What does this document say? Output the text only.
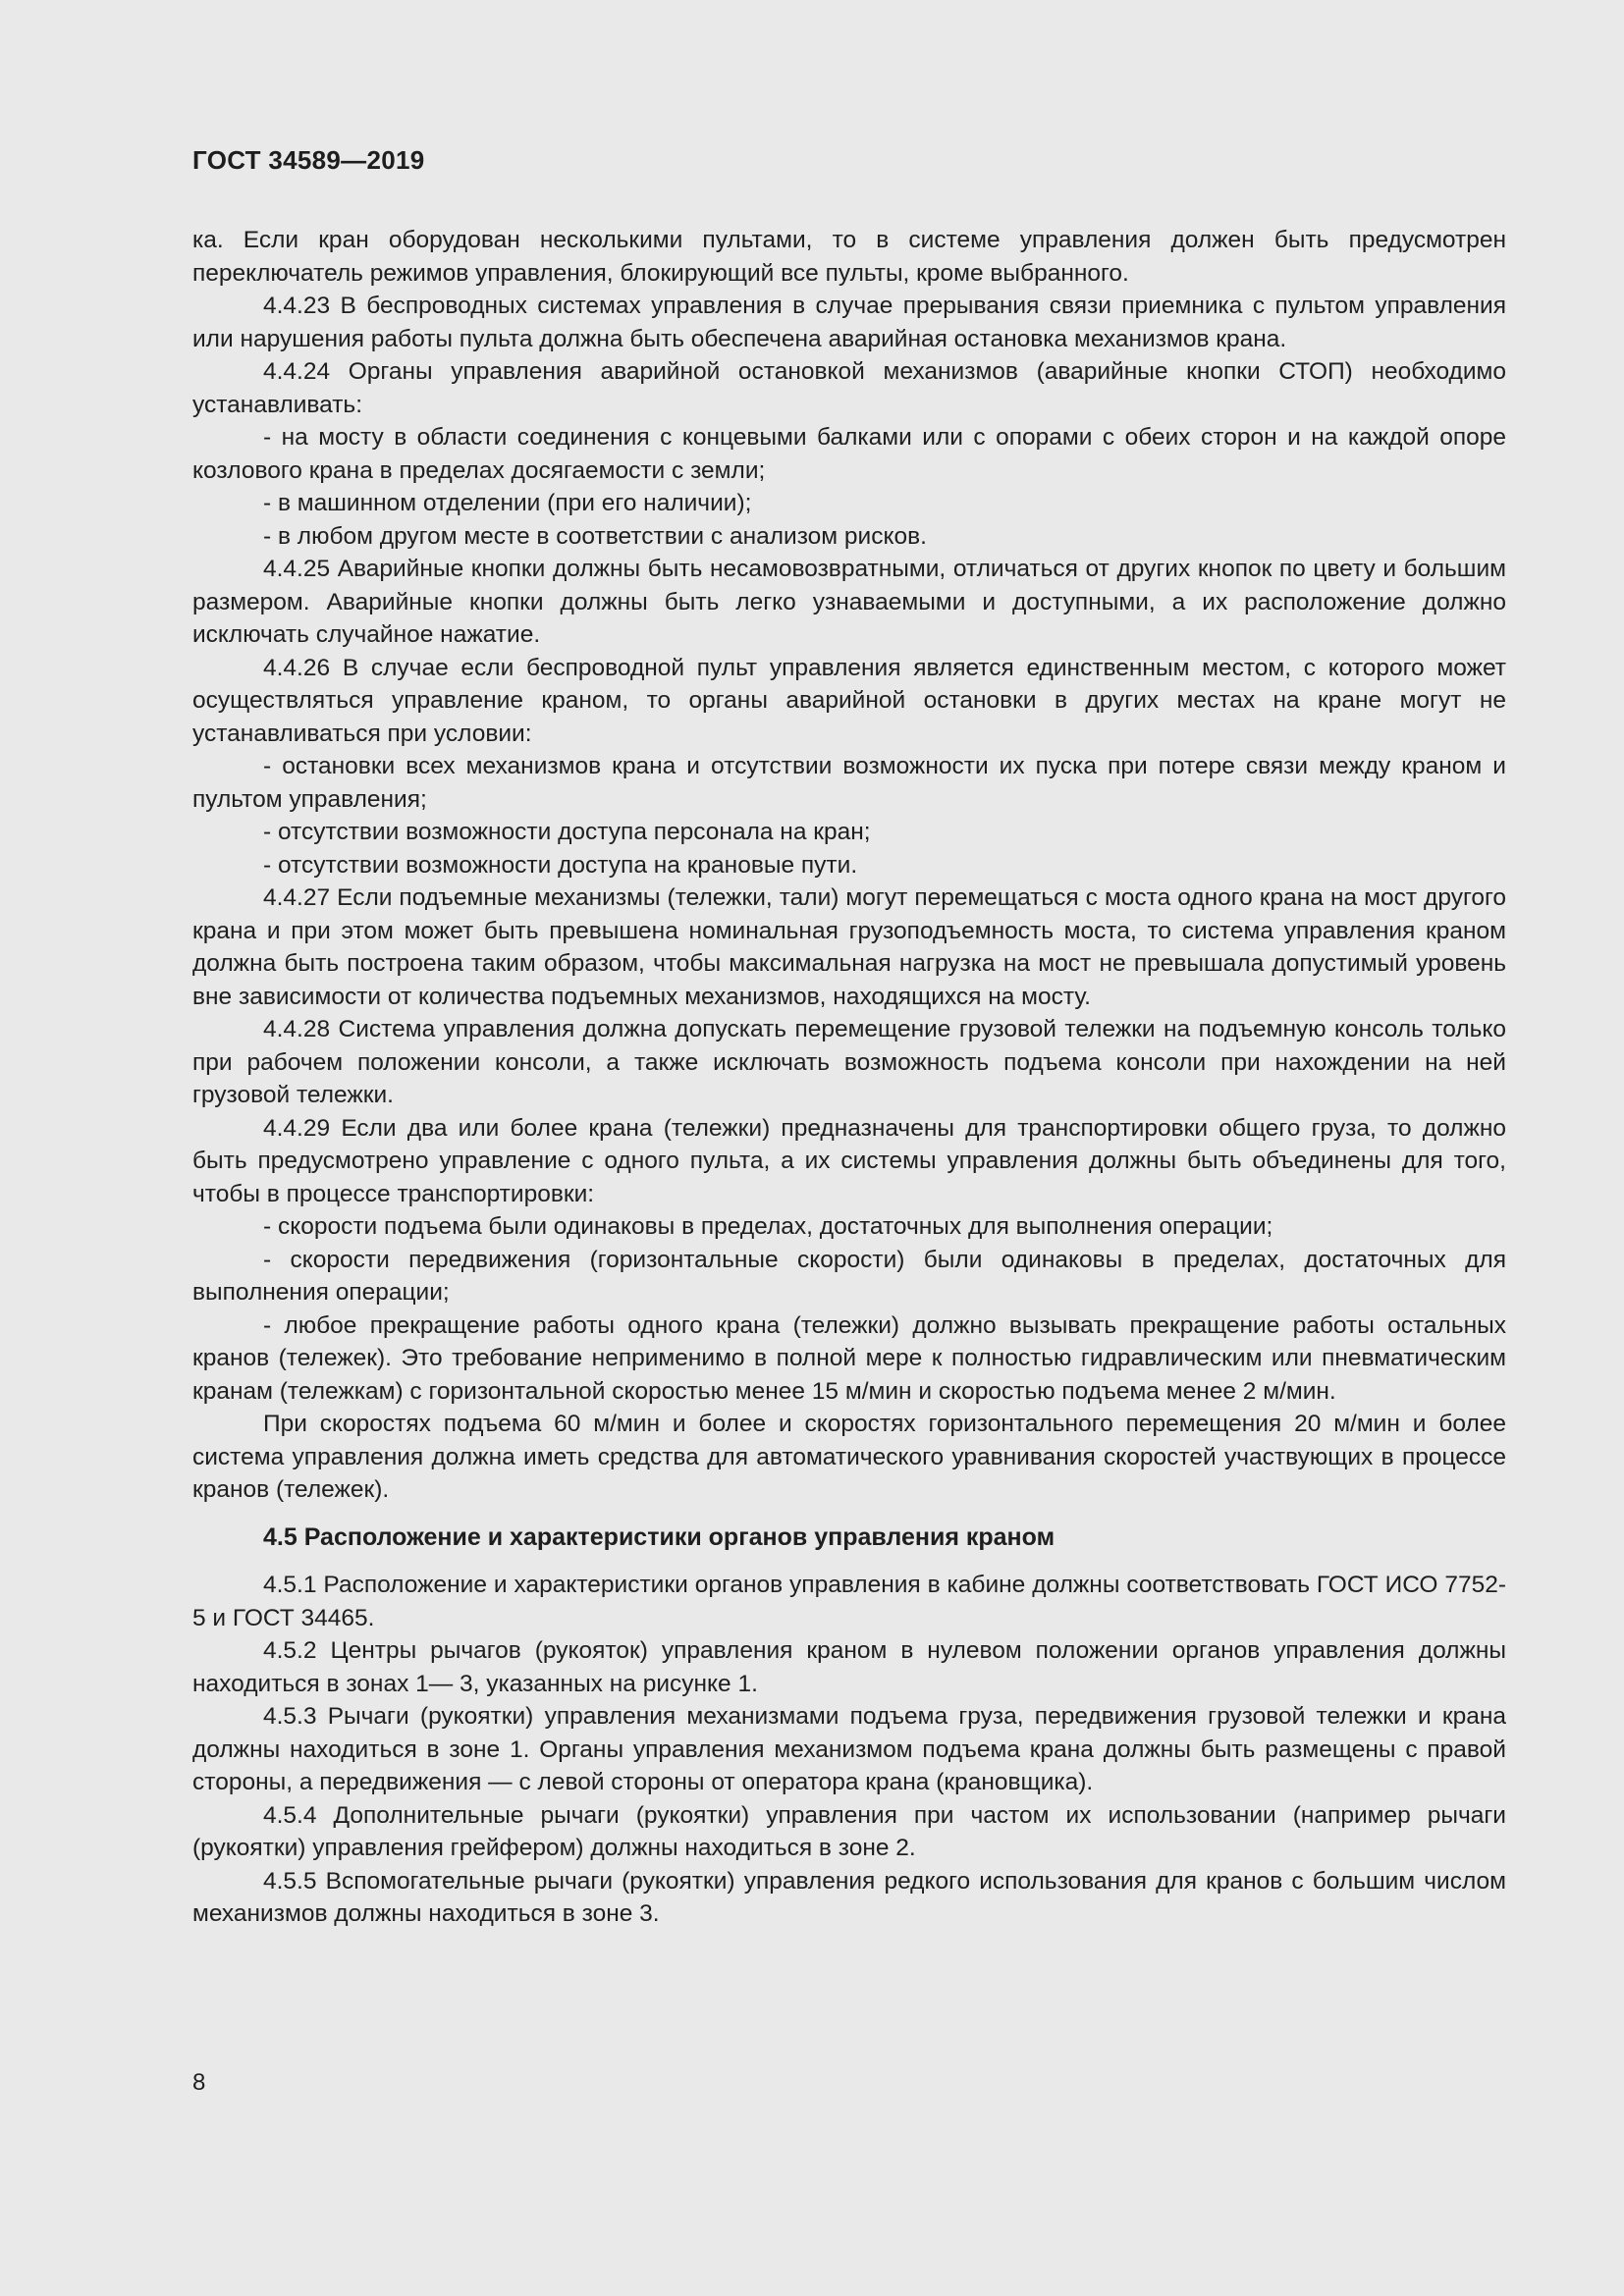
ГОСТ 34589—2019

ка. Если кран оборудован несколькими пультами, то в системе управления должен быть предусмотрен переключатель режимов управления, блокирующий все пульты, кроме выбранного.

4.4.23 В беспроводных системах управления в случае прерывания связи приемника с пультом управления или нарушения работы пульта должна быть обеспечена аварийная остановка механизмов крана.

4.4.24 Органы управления аварийной остановкой механизмов (аварийные кнопки СТОП) необходимо устанавливать:

- на мосту в области соединения с концевыми балками или с опорами с обеих сторон и на каждой опоре козлового крана в пределах досягаемости с земли;

- в машинном отделении (при его наличии);

- в любом другом месте в соответствии с анализом рисков.

4.4.25 Аварийные кнопки должны быть несамовозвратными, отличаться от других кнопок по цвету и большим размером. Аварийные кнопки должны быть легко узнаваемыми и доступными, а их расположение должно исключать случайное нажатие.

4.4.26 В случае если беспроводной пульт управления является единственным местом, с которого может осуществляться управление краном, то органы аварийной остановки в других местах на кране могут не устанавливаться при условии:

- остановки всех механизмов крана и отсутствии возможности их пуска при потере связи между краном и пультом управления;

- отсутствии возможности доступа персонала на кран;

- отсутствии возможности доступа на крановые пути.

4.4.27 Если подъемные механизмы (тележки, тали) могут перемещаться с моста одного крана на мост другого крана и при этом может быть превышена номинальная грузоподъемность моста, то система управления краном должна быть построена таким образом, чтобы максимальная нагрузка на мост не превышала допустимый уровень вне зависимости от количества подъемных механизмов, находящихся на мосту.

4.4.28 Система управления должна допускать перемещение грузовой тележки на подъемную консоль только при рабочем положении консоли, а также исключать возможность подъема консоли при нахождении на ней грузовой тележки.

4.4.29 Если два или более крана (тележки) предназначены для транспортировки общего груза, то должно быть предусмотрено управление с одного пульта, а их системы управления должны быть объединены для того, чтобы в процессе транспортировки:

- скорости подъема были одинаковы в пределах, достаточных для выполнения операции;

- скорости передвижения (горизонтальные скорости) были одинаковы в пределах, достаточных для выполнения операции;

- любое прекращение работы одного крана (тележки) должно вызывать прекращение работы остальных кранов (тележек). Это требование неприменимо в полной мере к полностью гидравлическим или пневматическим кранам (тележкам) с горизонтальной скоростью менее 15 м/мин и скоростью подъема менее 2 м/мин.

При скоростях подъема 60 м/мин и более и скоростях горизонтального перемещения 20 м/мин и более система управления должна иметь средства для автоматического уравнивания скоростей участвующих в процессе кранов (тележек).

4.5 Расположение и характеристики органов управления краном

4.5.1 Расположение и характеристики органов управления в кабине должны соответствовать ГОСТ ИСО 7752-5 и ГОСТ 34465.

4.5.2 Центры рычагов (рукояток) управления краном в нулевом положении органов управления должны находиться в зонах 1— 3, указанных на рисунке 1.

4.5.3 Рычаги (рукоятки) управления механизмами подъема груза, передвижения грузовой тележки и крана должны находиться в зоне 1. Органы управления механизмом подъема крана должны быть размещены с правой стороны, а передвижения — с левой стороны от оператора крана (крановщика).

4.5.4 Дополнительные рычаги (рукоятки) управления при частом их использовании (например рычаги (рукоятки) управления грейфером) должны находиться в зоне 2.

4.5.5 Вспомогательные рычаги (рукоятки) управления редкого использования для кранов с большим числом механизмов должны находиться в зоне 3.

8
